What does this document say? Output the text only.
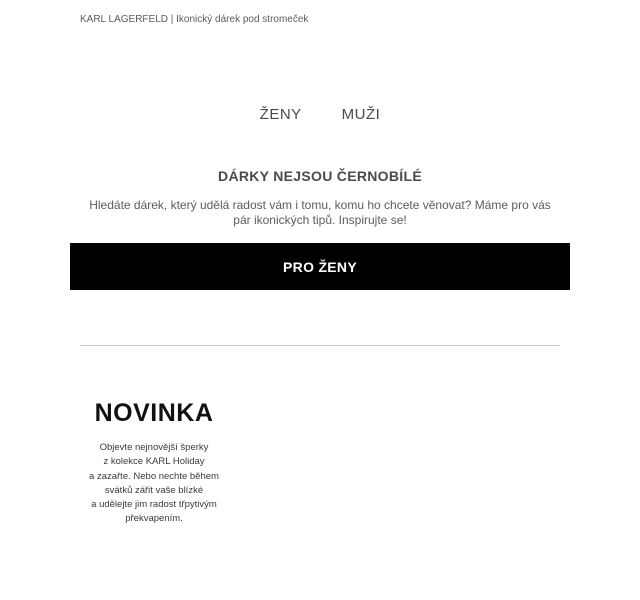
KARL LAGERFELD | Ikonický dárek pod stromeček
ŽENY	MUŽI
DÁRKY NEJSOU ČERNOBÍLÉ
Hledáte dárek, který udělá radost vám i tomu, komu ho chcete věnovat? Máme pro vás pár ikonických tipů. Inspirujte se!
PRO ŽENY
NOVINKA
Objevte nejnovější šperky
z kolekce KARL Holiday
a zazařte. Nebo nechte během
svátků zářit vaše blízké
a udělejte jim radost třpytivým
překvapením.
